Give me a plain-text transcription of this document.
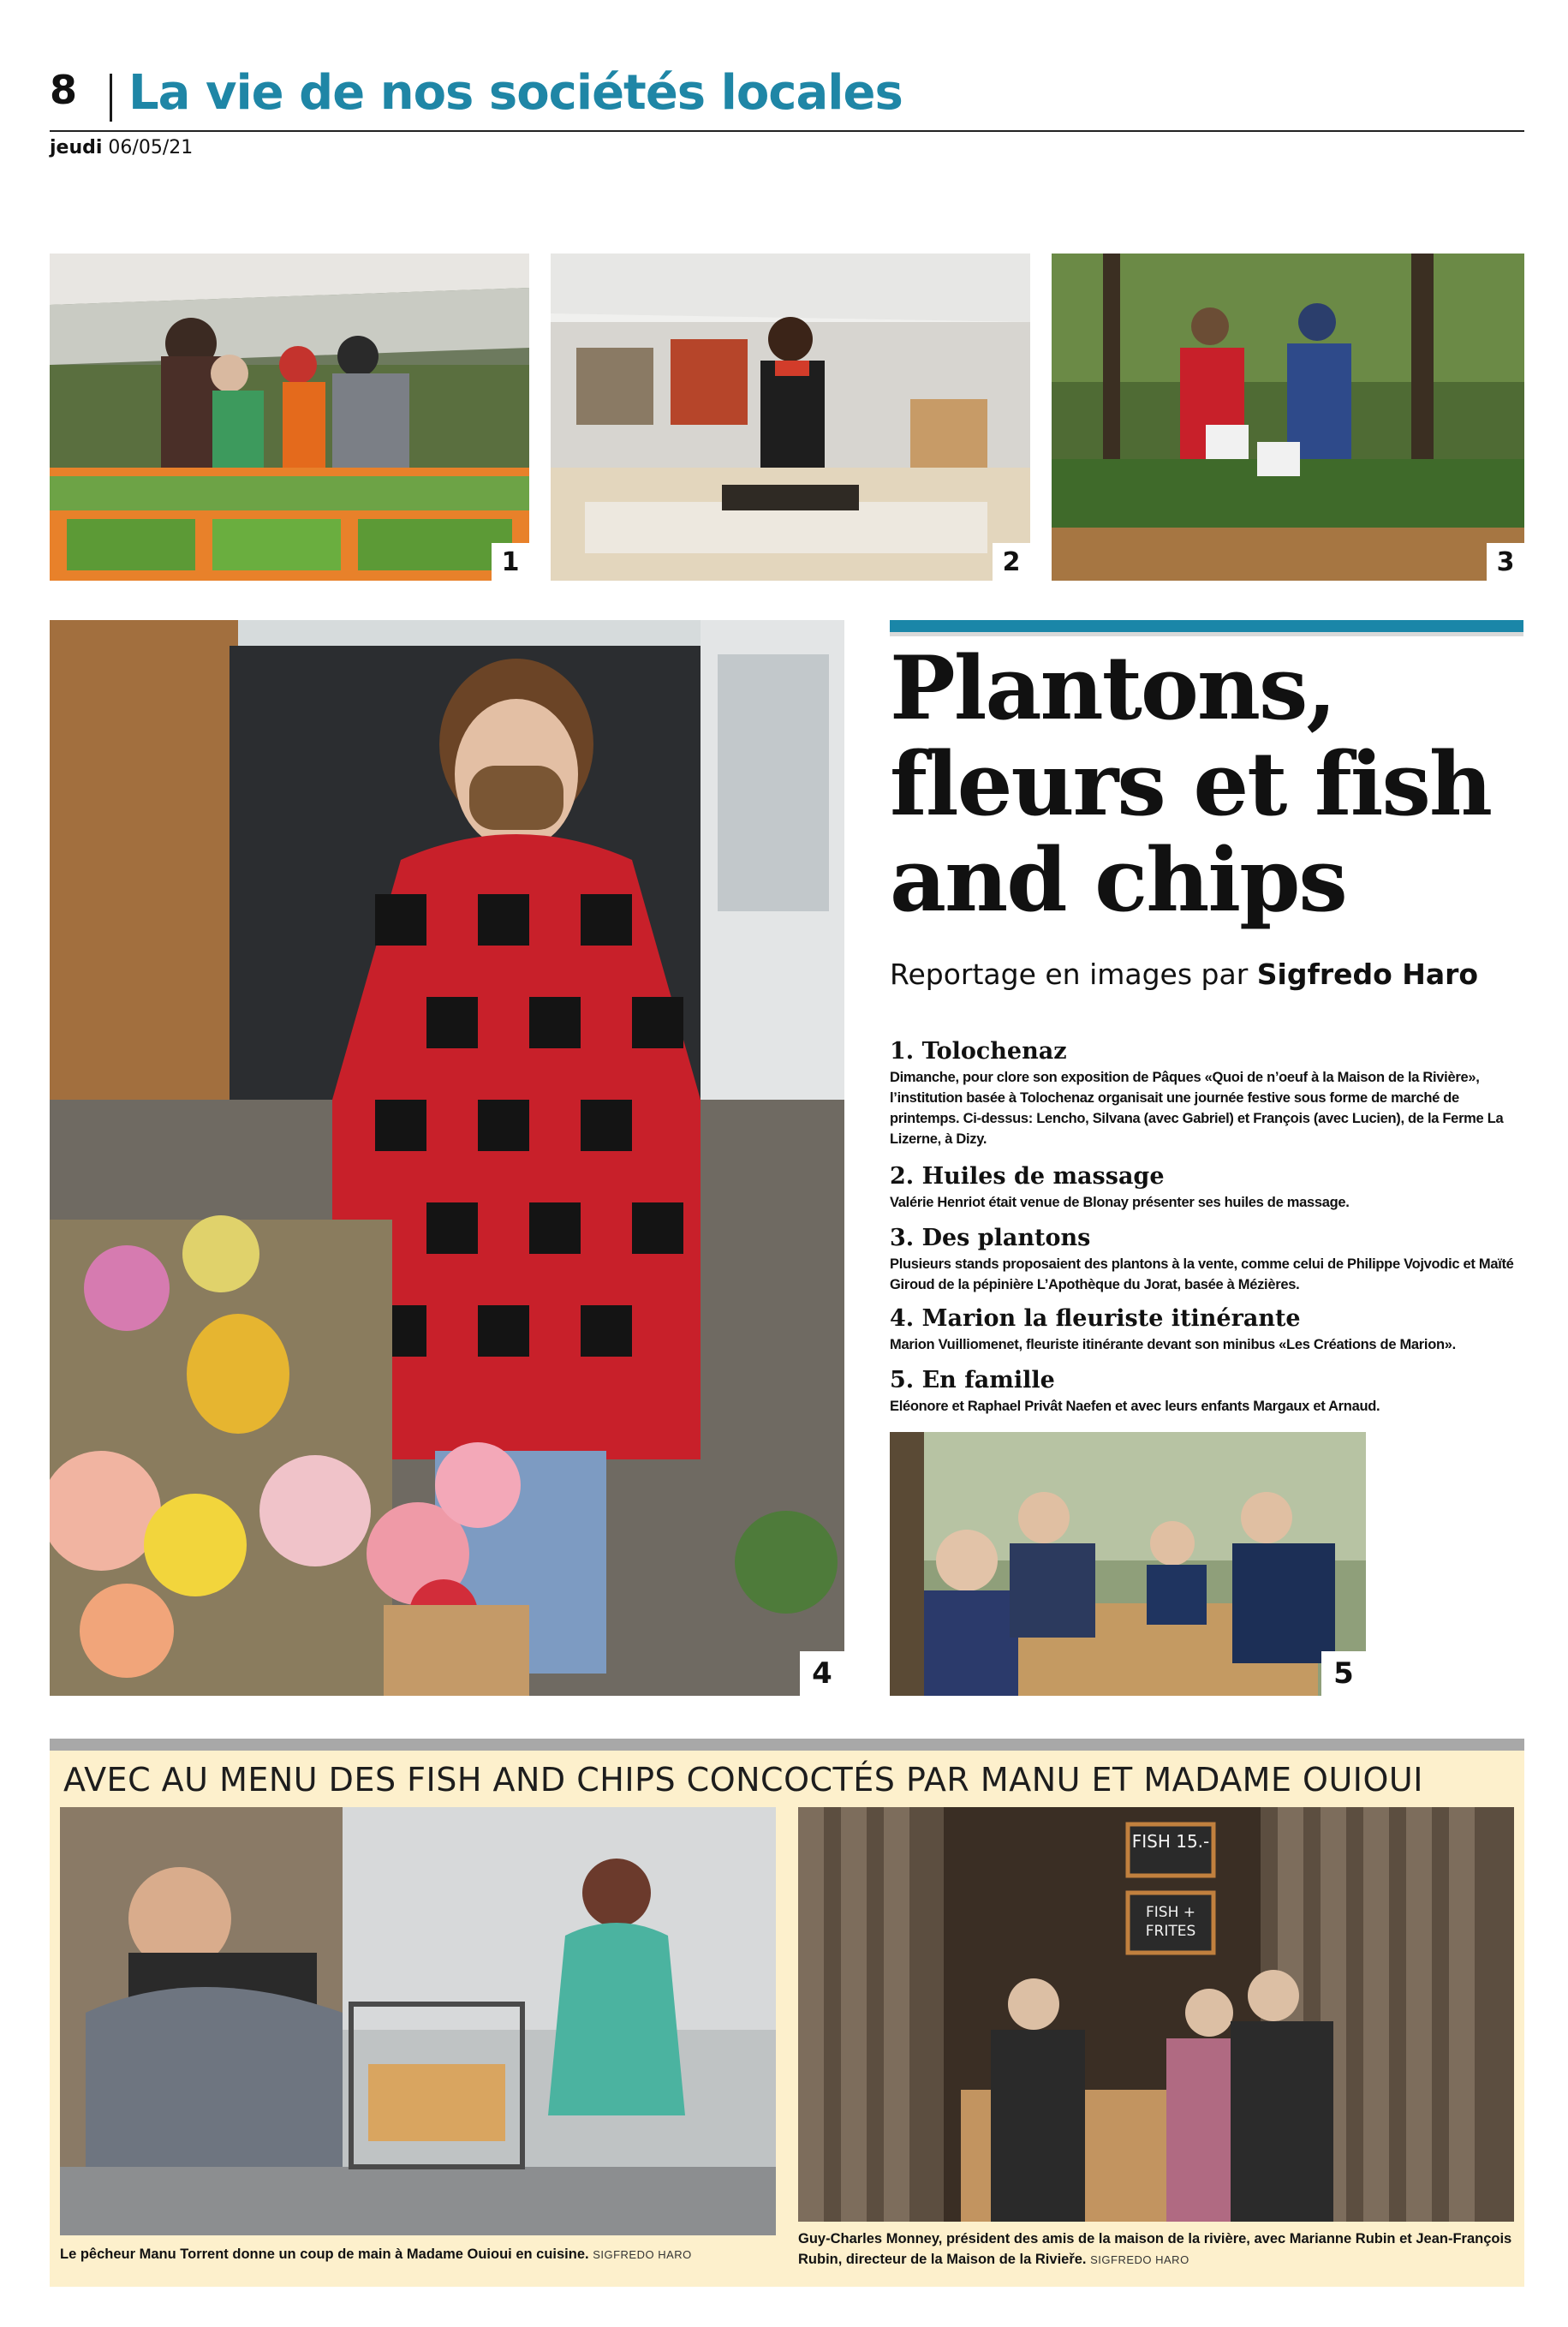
8 La vie de nos sociétés locales
jeudi 06/05/21
1	2	3
4
Plantons,
fleurs et fish
and chips
Reportage en images par Sigfredo Haro
1. Tolochenaz
Dimanche, pour clore son exposition de Pâques «Quoi de n’oeuf à la Maison de la Rivière», l’institution basée à Tolochenaz organisait une journée festive sous forme de marché de printemps. Ci-dessus: Lencho, Silvana (avec Gabriel) et François (avec Lucien), de la Ferme La Lizerne, à Dizy.
2. Huiles de massage
Valérie Henriot était venue de Blonay présenter ses huiles de massage.
3. Des plantons
Plusieurs stands proposaient des plantons à la vente, comme celui de Philippe Vojvodic et Maïté Giroud de la pépinière L’Apothèque du Jorat, basée à Mézières.
4. Marion la fleuriste itinérante
Marion Vuilliomenet, fleuriste itinérante devant son minibus «Les Créations de Marion».
5. En famille
Eléonore et Raphael Privât Naefen et avec leurs enfants Margaux et Arnaud.
5
AVEC AU MENU DES FISH AND CHIPS CONCOCTÉS PAR MANU ET MADAME OUIOUI
Le pêcheur Manu Torrent donne un coup de main à Madame Ouioui en cuisine. SIGFREDO HARO
FISH 15.-
FISH + FRITES
Guy-Charles Monney, président des amis de la maison de la rivière, avec Marianne Rubin et Jean-François Rubin, directeur de la Maison de la Rivieře. SIGFREDO HARO
